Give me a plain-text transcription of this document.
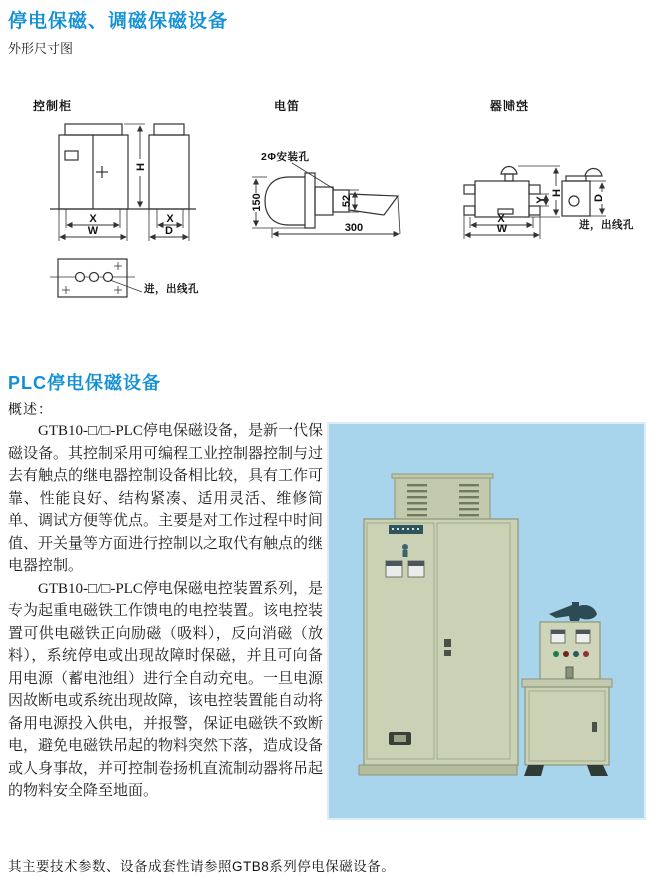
停电保磁、调磁保磁设备
外形尺寸图
控制柜	电笛	控制器
2Φ安装孔
进，出线孔
进，出线孔
H
X
W
X
D
150	52
300
H
Y
X
W
D
PLC停电保磁设备
概述：

GTB10-□/□-PLC停电保磁设备，是新一代保磁设备。其控制采用可编程工业控制器控制与过去有触点的继电器控制设备相比较，具有工作可靠、性能良好、结构紧凑、适用灵活、维修简单、调试方便等优点。主要是对工作过程中时间值、开关量等方面进行控制以之取代有触点的继电器控制。

GTB10-□/□-PLC停电保磁电控装置系列，是专为起重电磁铁工作馈电的电控装置。该电控装置可供电磁铁正向励磁（吸料），反向消磁（放料），系统停电或出现故障时保磁，并且可向备用电源（蓄电池组）进行全自动充电。一旦电源因故断电或系统出现故障，该电控装置能自动将备用电源投入供电，并报警，保证电磁铁不致断电，避免电磁铁吊起的物料突然下落，造成设备或人身事故，并可控制卷扬机直流制动器将吊起的物料安全降至地面。

其主要技术参数、设备成套性请参照GTB8系列停电保磁设备。
